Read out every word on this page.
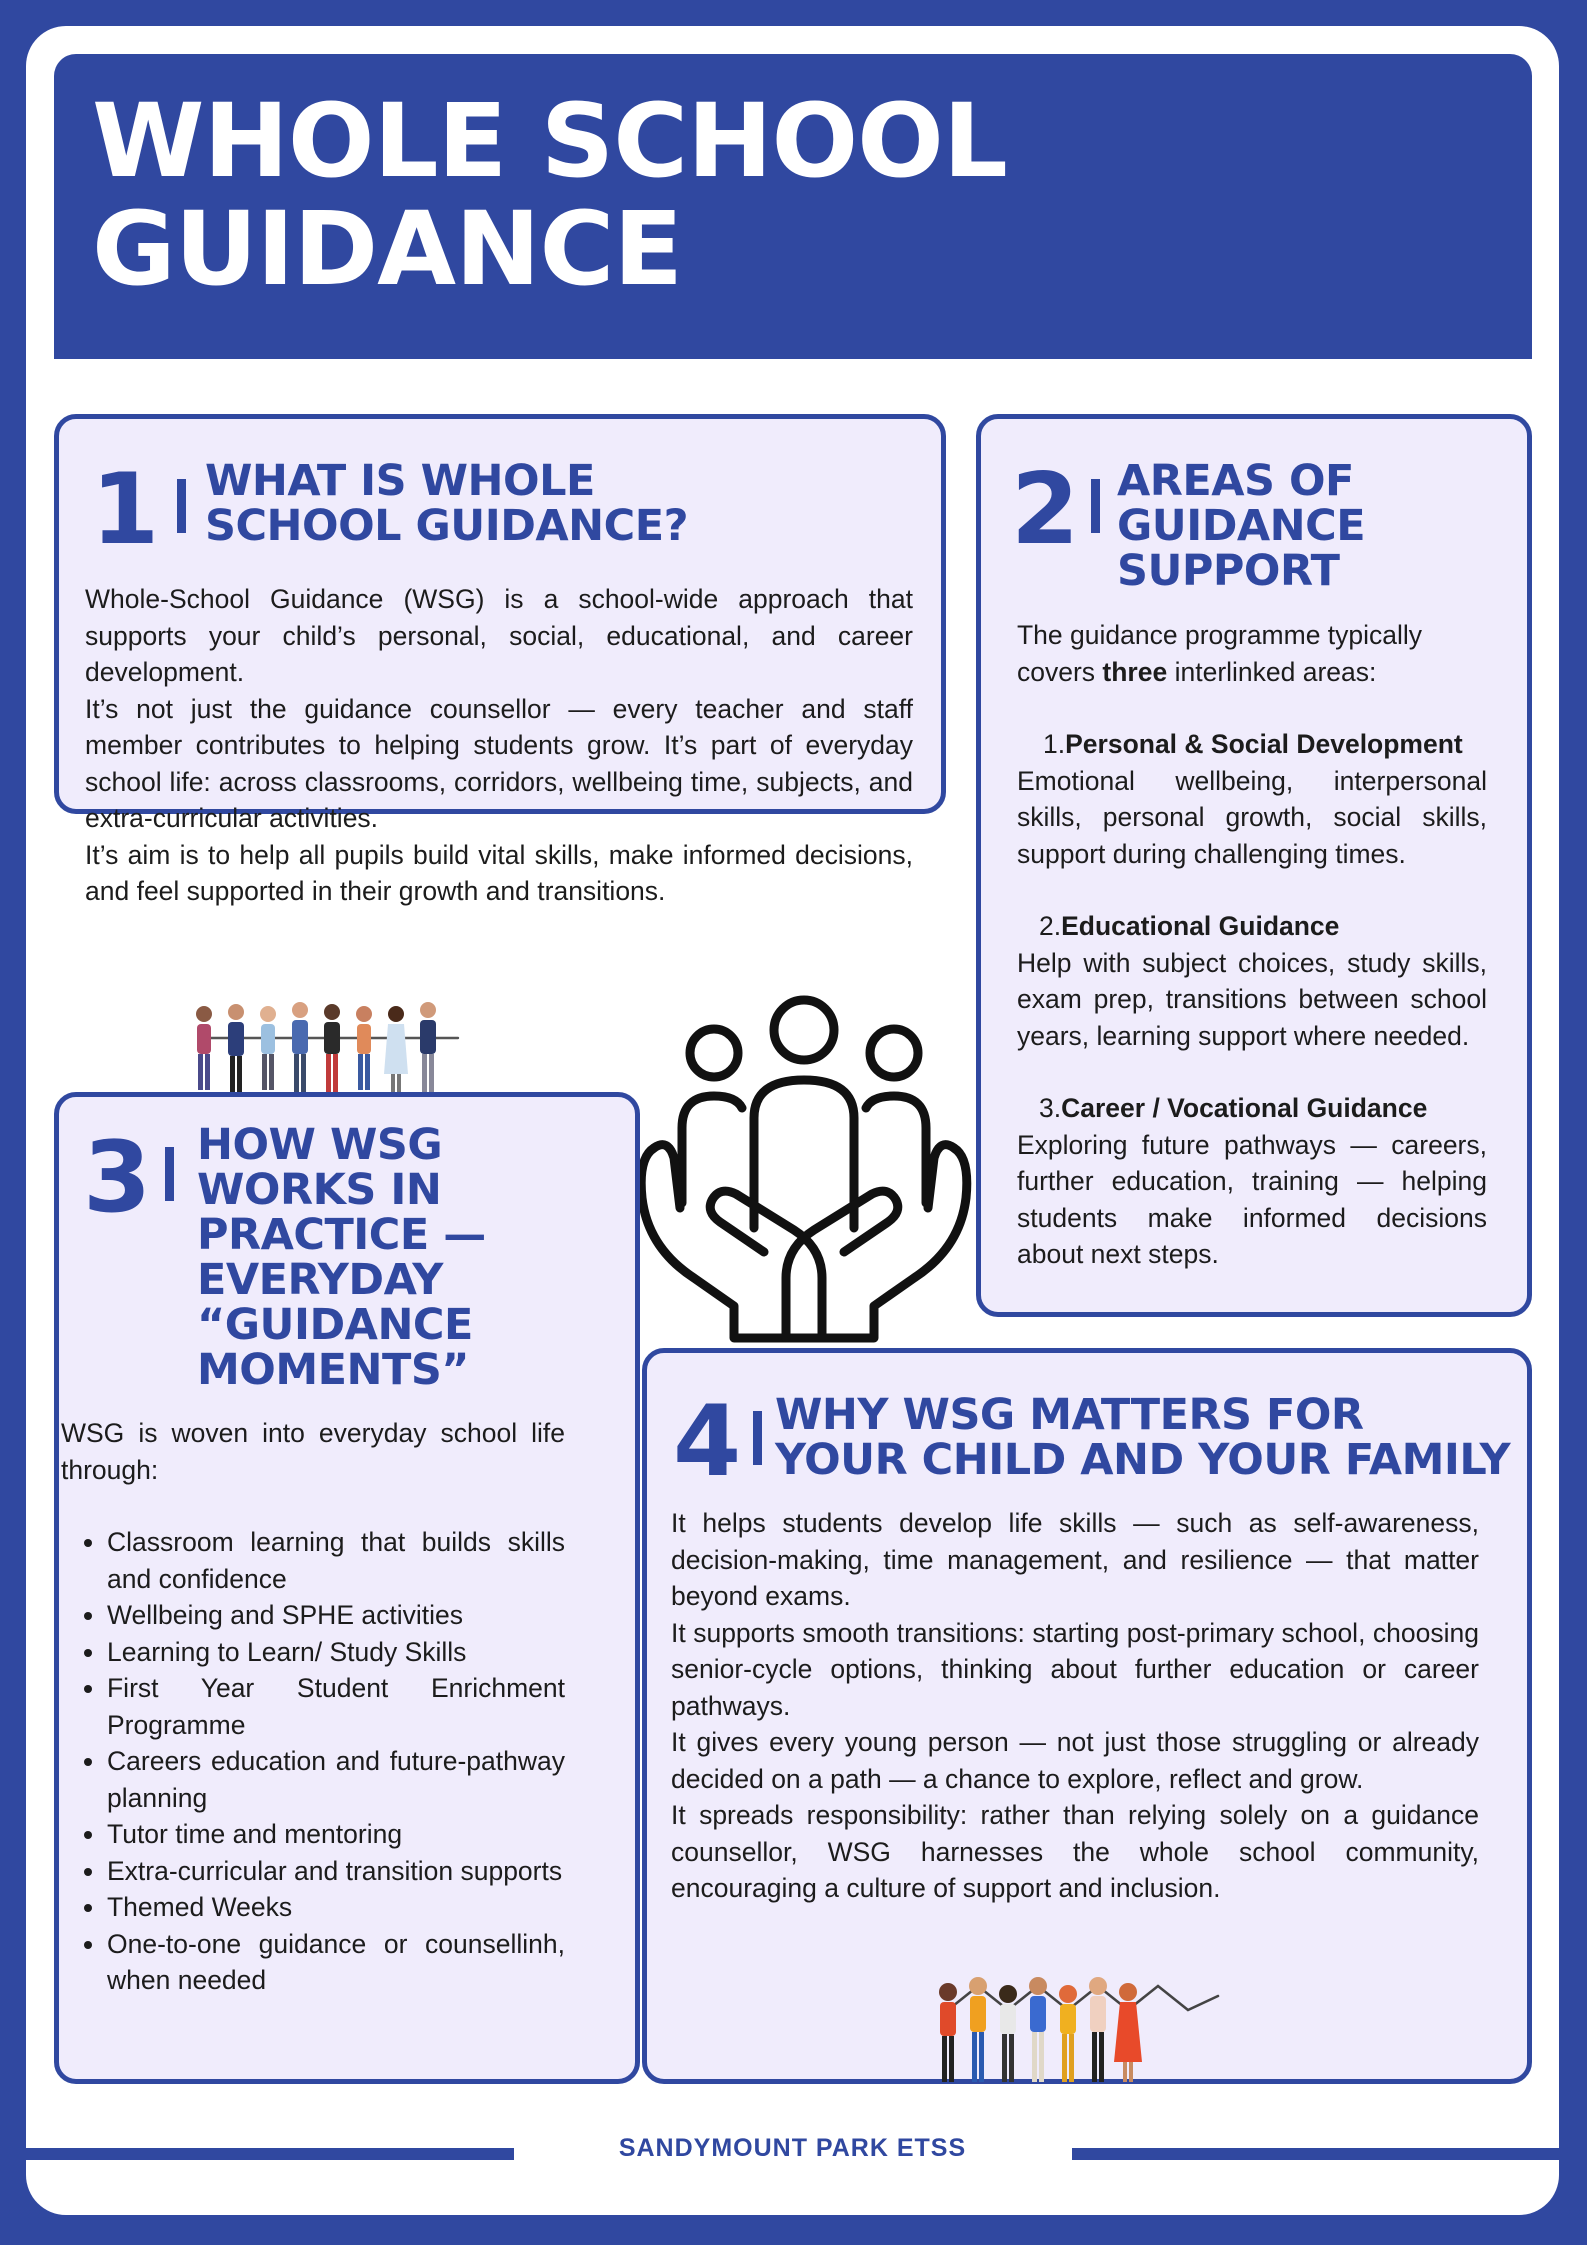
WHOLE SCHOOL
GUIDANCE
1 WHAT IS WHOLE
SCHOOL GUIDANCE?

Whole-School Guidance (WSG) is a school-wide approach that supports your child’s personal, social, educational, and career development.

It’s not just the guidance counsellor — every teacher and staff member contributes to helping students grow. It’s part of everyday school life: across classrooms, corridors, wellbeing time, subjects, and extra-curricular activities.

It’s aim is to help all pupils build vital skills, make informed decisions, and feel supported in their growth and transitions.

2 AREAS OF
GUIDANCE
SUPPORT

The guidance programme typically covers three interlinked areas:

1.Personal & Social Development

Emotional wellbeing, interpersonal skills, personal growth, social skills, support during challenging times.

2.Educational Guidance

Help with subject choices, study skills, exam prep, transitions between school years, learning support where needed.

3.Career / Vocational Guidance

Exploring future pathways — careers, further education, training — helping students make informed decisions about next steps.

3 HOW WSG
WORKS IN
PRACTICE —
EVERYDAY
“GUIDANCE
MOMENTS”

WSG is woven into everyday school life through:

• Classroom learning that builds skills and confidence
• Wellbeing and SPHE activities
• Learning to Learn/ Study Skills
• First Year Student Enrichment Programme
• Careers education and future-pathway planning
• Tutor time and mentoring
• Extra-curricular and transition supports
• Themed Weeks
• One-to-one guidance or counsellinh, when needed
4 WHY WSG MATTERS FOR
YOUR CHILD AND YOUR FAMILY

It helps students develop life skills — such as self-awareness, decision-making, time management, and resilience — that matter beyond exams.

It supports smooth transitions: starting post-primary school, choosing senior-cycle options, thinking about further education or career pathways.

It gives every young person — not just those struggling or already decided on a path — a chance to explore, reflect and grow.

It spreads responsibility: rather than relying solely on a guidance counsellor, WSG harnesses the whole school community, encouraging a culture of support and inclusion.

SANDYMOUNT PARK ETSS
